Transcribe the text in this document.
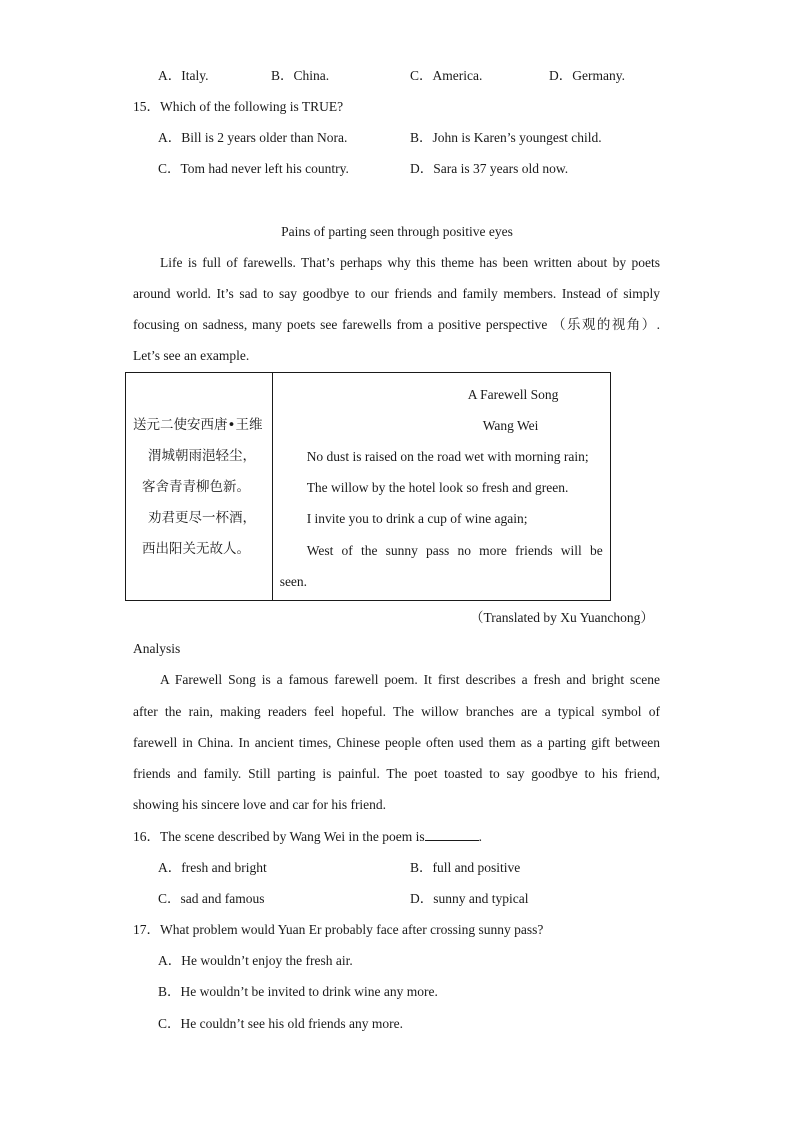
A．Italy.	B．China.	C．America.	D．Germany.
15．Which of the following is TRUE?
A．Bill is 2 years older than Nora.	B．John is Karen’s youngest child.
C．Tom had never left his country.	D．Sara is 37 years old now.
Pains of parting seen through positive eyes
Life is full of farewells. That’s perhaps why this theme has been written about by poets
around world. It’s sad to say goodbye to our friends and family members. Instead of simply
focusing on sadness, many poets see farewells from a positive perspective （乐观的视角）.
Let’s see an example.
送元二使安西唐•王维
渭城朝雨浥轻尘，
客舍青青柳色新。
劝君更尽一杯酒，
西出阳关无故人。

A Farewell Song
Wang Wei
No dust is raised on the road wet with morning rain;
The willow by the hotel look so fresh and green.
I invite you to drink a cup of wine again;
West of the sunny pass no more friends will be
seen.
（Translated by Xu Yuanchong）
Analysis
A Farewell Song is a famous farewell poem. It first describes a fresh and bright scene
after the rain, making readers feel hopeful. The willow branches are a typical symbol of
farewell in China. In ancient times, Chinese people often used them as a parting gift between
friends and family. Still parting is painful. The poet toasted to say goodbye to his friend,
showing his sincere love and car for his friend.
16．The scene described by Wang Wei in the poem is	.
A．fresh and bright	B．full and positive
C．sad and famous	D．sunny and typical
17．What problem would Yuan Er probably face after crossing sunny pass?
A．He wouldn’t enjoy the fresh air.
B．He wouldn’t be invited to drink wine any more.
C．He couldn’t see his old friends any more.
